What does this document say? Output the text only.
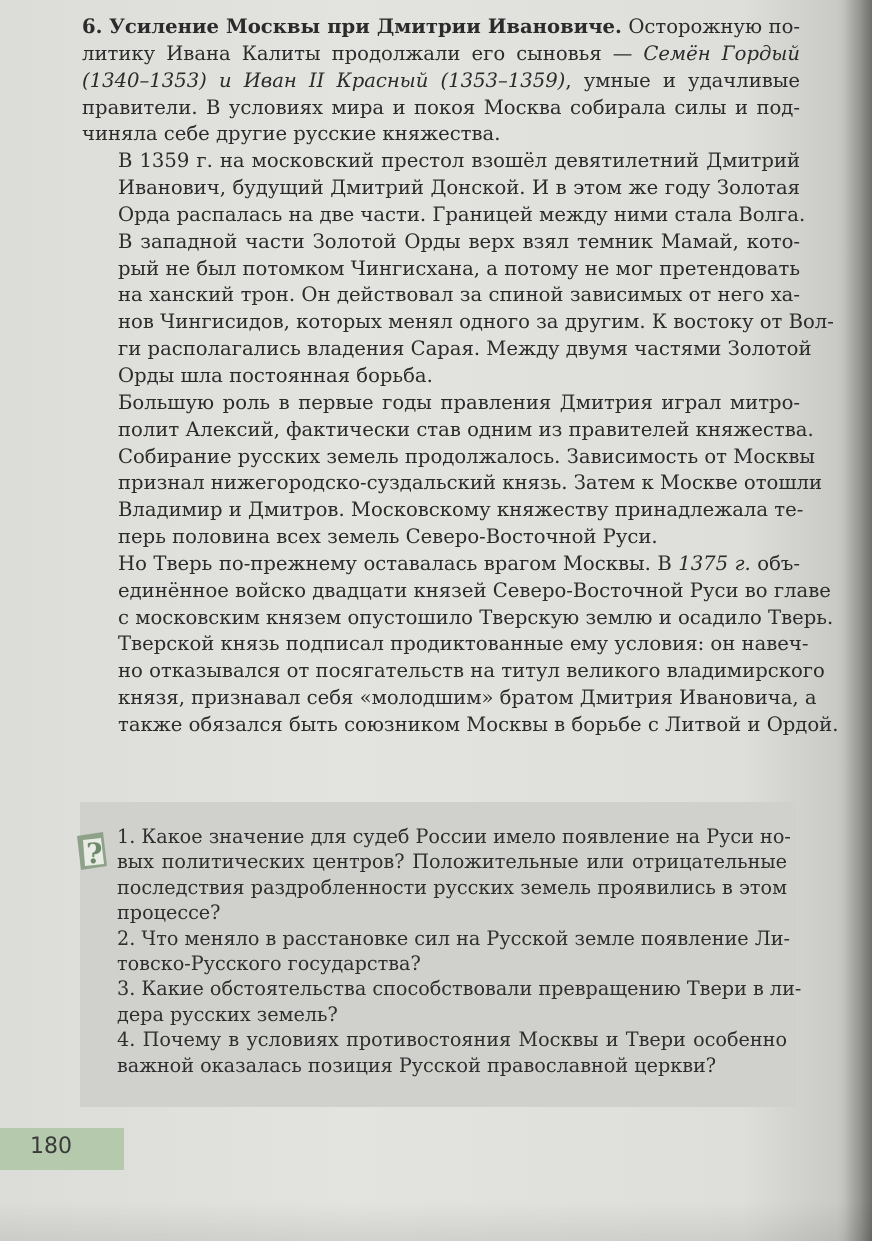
6. Усиление Москвы при Дмитрии Ивановиче. Осторожную по-
литику Ивана Калиты продолжали его сыновья — Семён Гордый
(1340–1353) и Иван II Красный (1353–1359), умные и удачливые
правители. В условиях мира и покоя Москва собирала силы и под-
чиняла себе другие русские княжества.

В 1359 г. на московский престол взошёл девятилетний Дмитрий
Иванович, будущий Дмитрий Донской. И в этом же году Золотая
Орда распалась на две части. Границей между ними стала Волга.

В западной части Золотой Орды верх взял темник Мамай, кото-
рый не был потомком Чингисхана, а потому не мог претендовать
на ханский трон. Он действовал за спиной зависимых от него ха-
нов Чингисидов, которых менял одного за другим. К востоку от Вол-
ги располагались владения Сарая. Между двумя частями Золотой
Орды шла постоянная борьба.

Большую роль в первые годы правления Дмитрия играл митро-
полит Алексий, фактически став одним из правителей княжества.
Собирание русских земель продолжалось. Зависимость от Москвы
признал нижегородско-суздальский князь. Затем к Москве отошли
Владимир и Дмитров. Московскому княжеству принадлежала те-
перь половина всех земель Северо-Восточной Руси.

Но Тверь по-прежнему оставалась врагом Москвы. В 1375 г. объ-
единённое войско двадцати князей Северо-Восточной Руси во главе
с московским князем опустошило Тверскую землю и осадило Тверь.
Тверской князь подписал продиктованные ему условия: он навеч-
но отказывался от посягательств на титул великого владимирского
князя, признавал себя «молодшим» братом Дмитрия Ивановича, а
также обязался быть союзником Москвы в борьбе с Литвой и Ордой.

?

1. Какое значение для судеб России имело появление на Руси но-
вых политических центров? Положительные или отрицательные
последствия раздробленности русских земель проявились в этом
процессе?

2. Что меняло в расстановке сил на Русской земле появление Ли-
товско-Русского государства?

3. Какие обстоятельства способствовали превращению Твери в ли-
дера русских земель?

4. Почему в условиях противостояния Москвы и Твери особенно
важной оказалась позиция Русской православной церкви?

180
